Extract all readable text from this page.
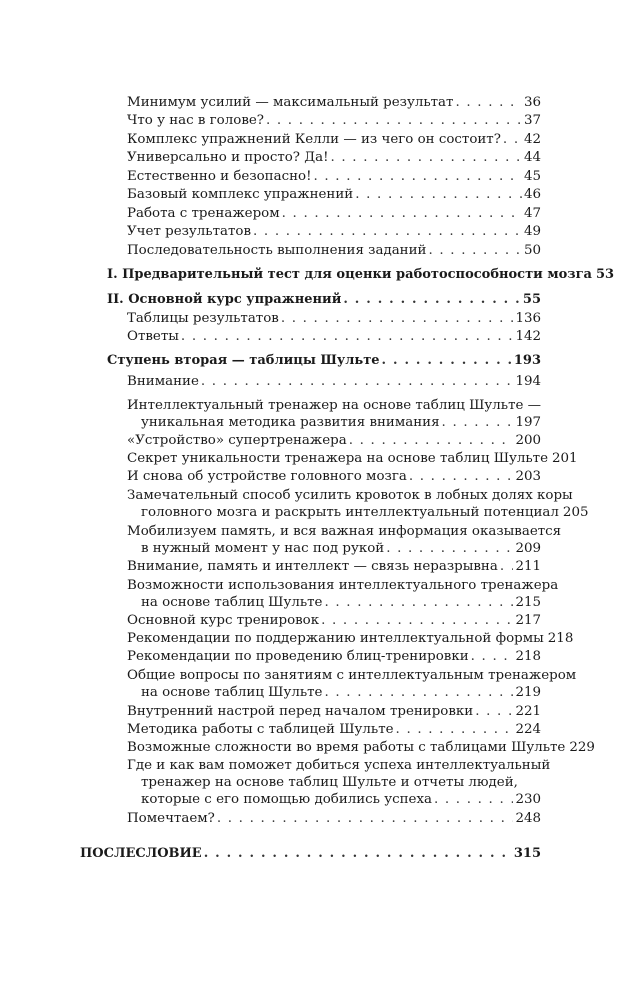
Минимум усилий — максимальный результат . . .	36
Что у нас в голове? . . .	37
Комплекс упражнений Келли — из чего он состоит? . . . 42
Универсально и просто? Да! . . .	44
Естественно и безопасно! . . .	45
Базовый комплекс упражнений . . .	46
Работа с тренажером . . .	47
Учет результатов . . .	49
Последовательность выполнения заданий . . .	50
I. Предварительный тест для оценки работоспособности мозга 53
II. Основной курс упражнений . . .	55
Таблицы результатов . . .	136
Ответы . . .	142
Ступень вторая — таблицы Шульте . . .	193
Внимание . . .	194
Интеллектуальный тренажер на основе таблиц Шульте —
уникальная методика развития внимания . . .	197
«Устройство» супертренажера . . .	200
Секрет уникальности тренажера на основе таблиц Шульте 201
И снова об устройстве головного мозга . . .	203
Замечательный способ усилить кровоток в лобных долях коры
головного мозга и раскрыть интеллектуальный потенциал 205
Мобилизуем память, и вся важная информация оказывается
в нужный момент у нас под рукой . . .	209
Внимание, память и интеллект — связь неразрывна . . . 211
Возможности использования интеллектуального тренажера
на основе таблиц Шульте . . .	215
Основной курс тренировок . . .	217
Рекомендации по поддержанию интеллектуальной формы 218
Рекомендации по проведению блиц-тренировки . . .	218
Общие вопросы по занятиям с интеллектуальным тренажером
на основе таблиц Шульте . . .	219
Внутренний настрой перед началом тренировки . . .	221
Методика работы с таблицей Шульте . . .	224
Возможные сложности во время работы с таблицами Шульте 229
Где и как вам поможет добиться успеха интеллектуальный
тренажер на основе таблиц Шульте и отчеты людей,
которые с его помощью добились успеха . . .	230
Помечтаем? . . .	248
ПОСЛЕСЛОВИЕ . . .	315
